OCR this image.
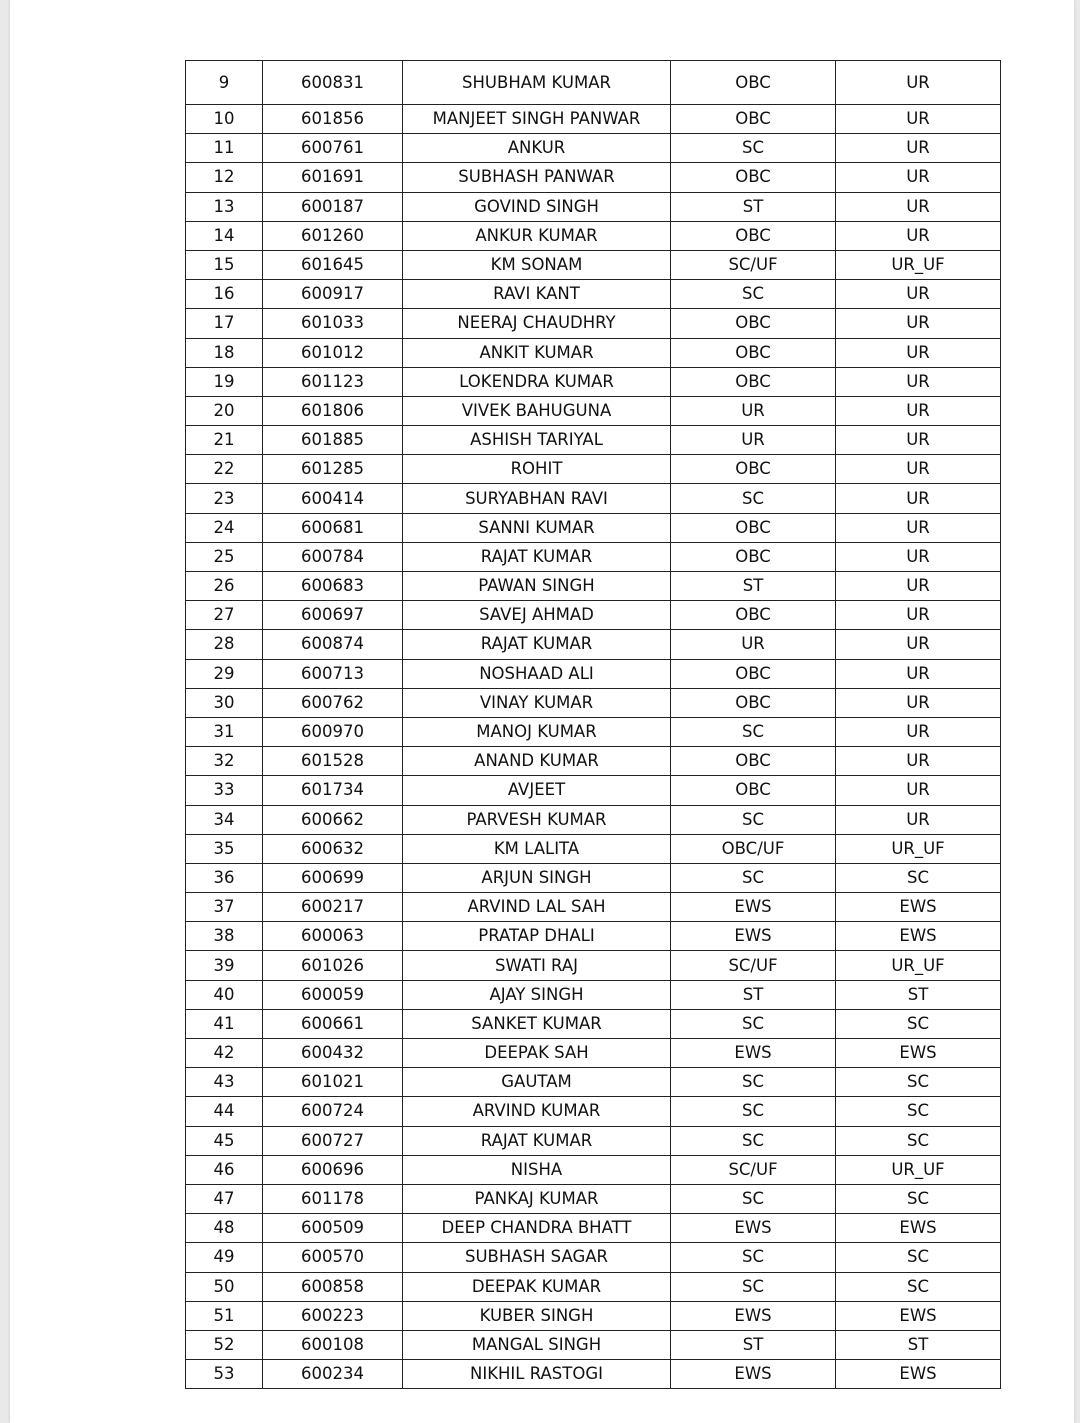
9	600831	SHUBHAM KUMAR	OBC	UR
10	601856	MANJEET SINGH PANWAR	OBC	UR
11	600761	ANKUR	SC	UR
12	601691	SUBHASH PANWAR	OBC	UR
13	600187	GOVIND SINGH	ST	UR
14	601260	ANKUR KUMAR	OBC	UR
15	601645	KM SONAM	SC/UF	UR_UF
16	600917	RAVI KANT	SC	UR
17	601033	NEERAJ CHAUDHRY	OBC	UR
18	601012	ANKIT KUMAR	OBC	UR
19	601123	LOKENDRA KUMAR	OBC	UR
20	601806	VIVEK BAHUGUNA	UR	UR
21	601885	ASHISH TARIYAL	UR	UR
22	601285	ROHIT	OBC	UR
23	600414	SURYABHAN RAVI	SC	UR
24	600681	SANNI KUMAR	OBC	UR
25	600784	RAJAT KUMAR	OBC	UR
26	600683	PAWAN SINGH	ST	UR
27	600697	SAVEJ AHMAD	OBC	UR
28	600874	RAJAT KUMAR	UR	UR
29	600713	NOSHAAD ALI	OBC	UR
30	600762	VINAY KUMAR	OBC	UR
31	600970	MANOJ KUMAR	SC	UR
32	601528	ANAND KUMAR	OBC	UR
33	601734	AVJEET	OBC	UR
34	600662	PARVESH KUMAR	SC	UR
35	600632	KM LALITA	OBC/UF	UR_UF
36	600699	ARJUN SINGH	SC	SC
37	600217	ARVIND LAL SAH	EWS	EWS
38	600063	PRATAP DHALI	EWS	EWS
39	601026	SWATI RAJ	SC/UF	UR_UF
40	600059	AJAY SINGH	ST	ST
41	600661	SANKET KUMAR	SC	SC
42	600432	DEEPAK SAH	EWS	EWS
43	601021	GAUTAM	SC	SC
44	600724	ARVIND KUMAR	SC	SC
45	600727	RAJAT KUMAR	SC	SC
46	600696	NISHA	SC/UF	UR_UF
47	601178	PANKAJ KUMAR	SC	SC
48	600509	DEEP CHANDRA BHATT	EWS	EWS
49	600570	SUBHASH SAGAR	SC	SC
50	600858	DEEPAK KUMAR	SC	SC
51	600223	KUBER SINGH	EWS	EWS
52	600108	MANGAL SINGH	ST	ST
53	600234	NIKHIL RASTOGI	EWS	EWS
